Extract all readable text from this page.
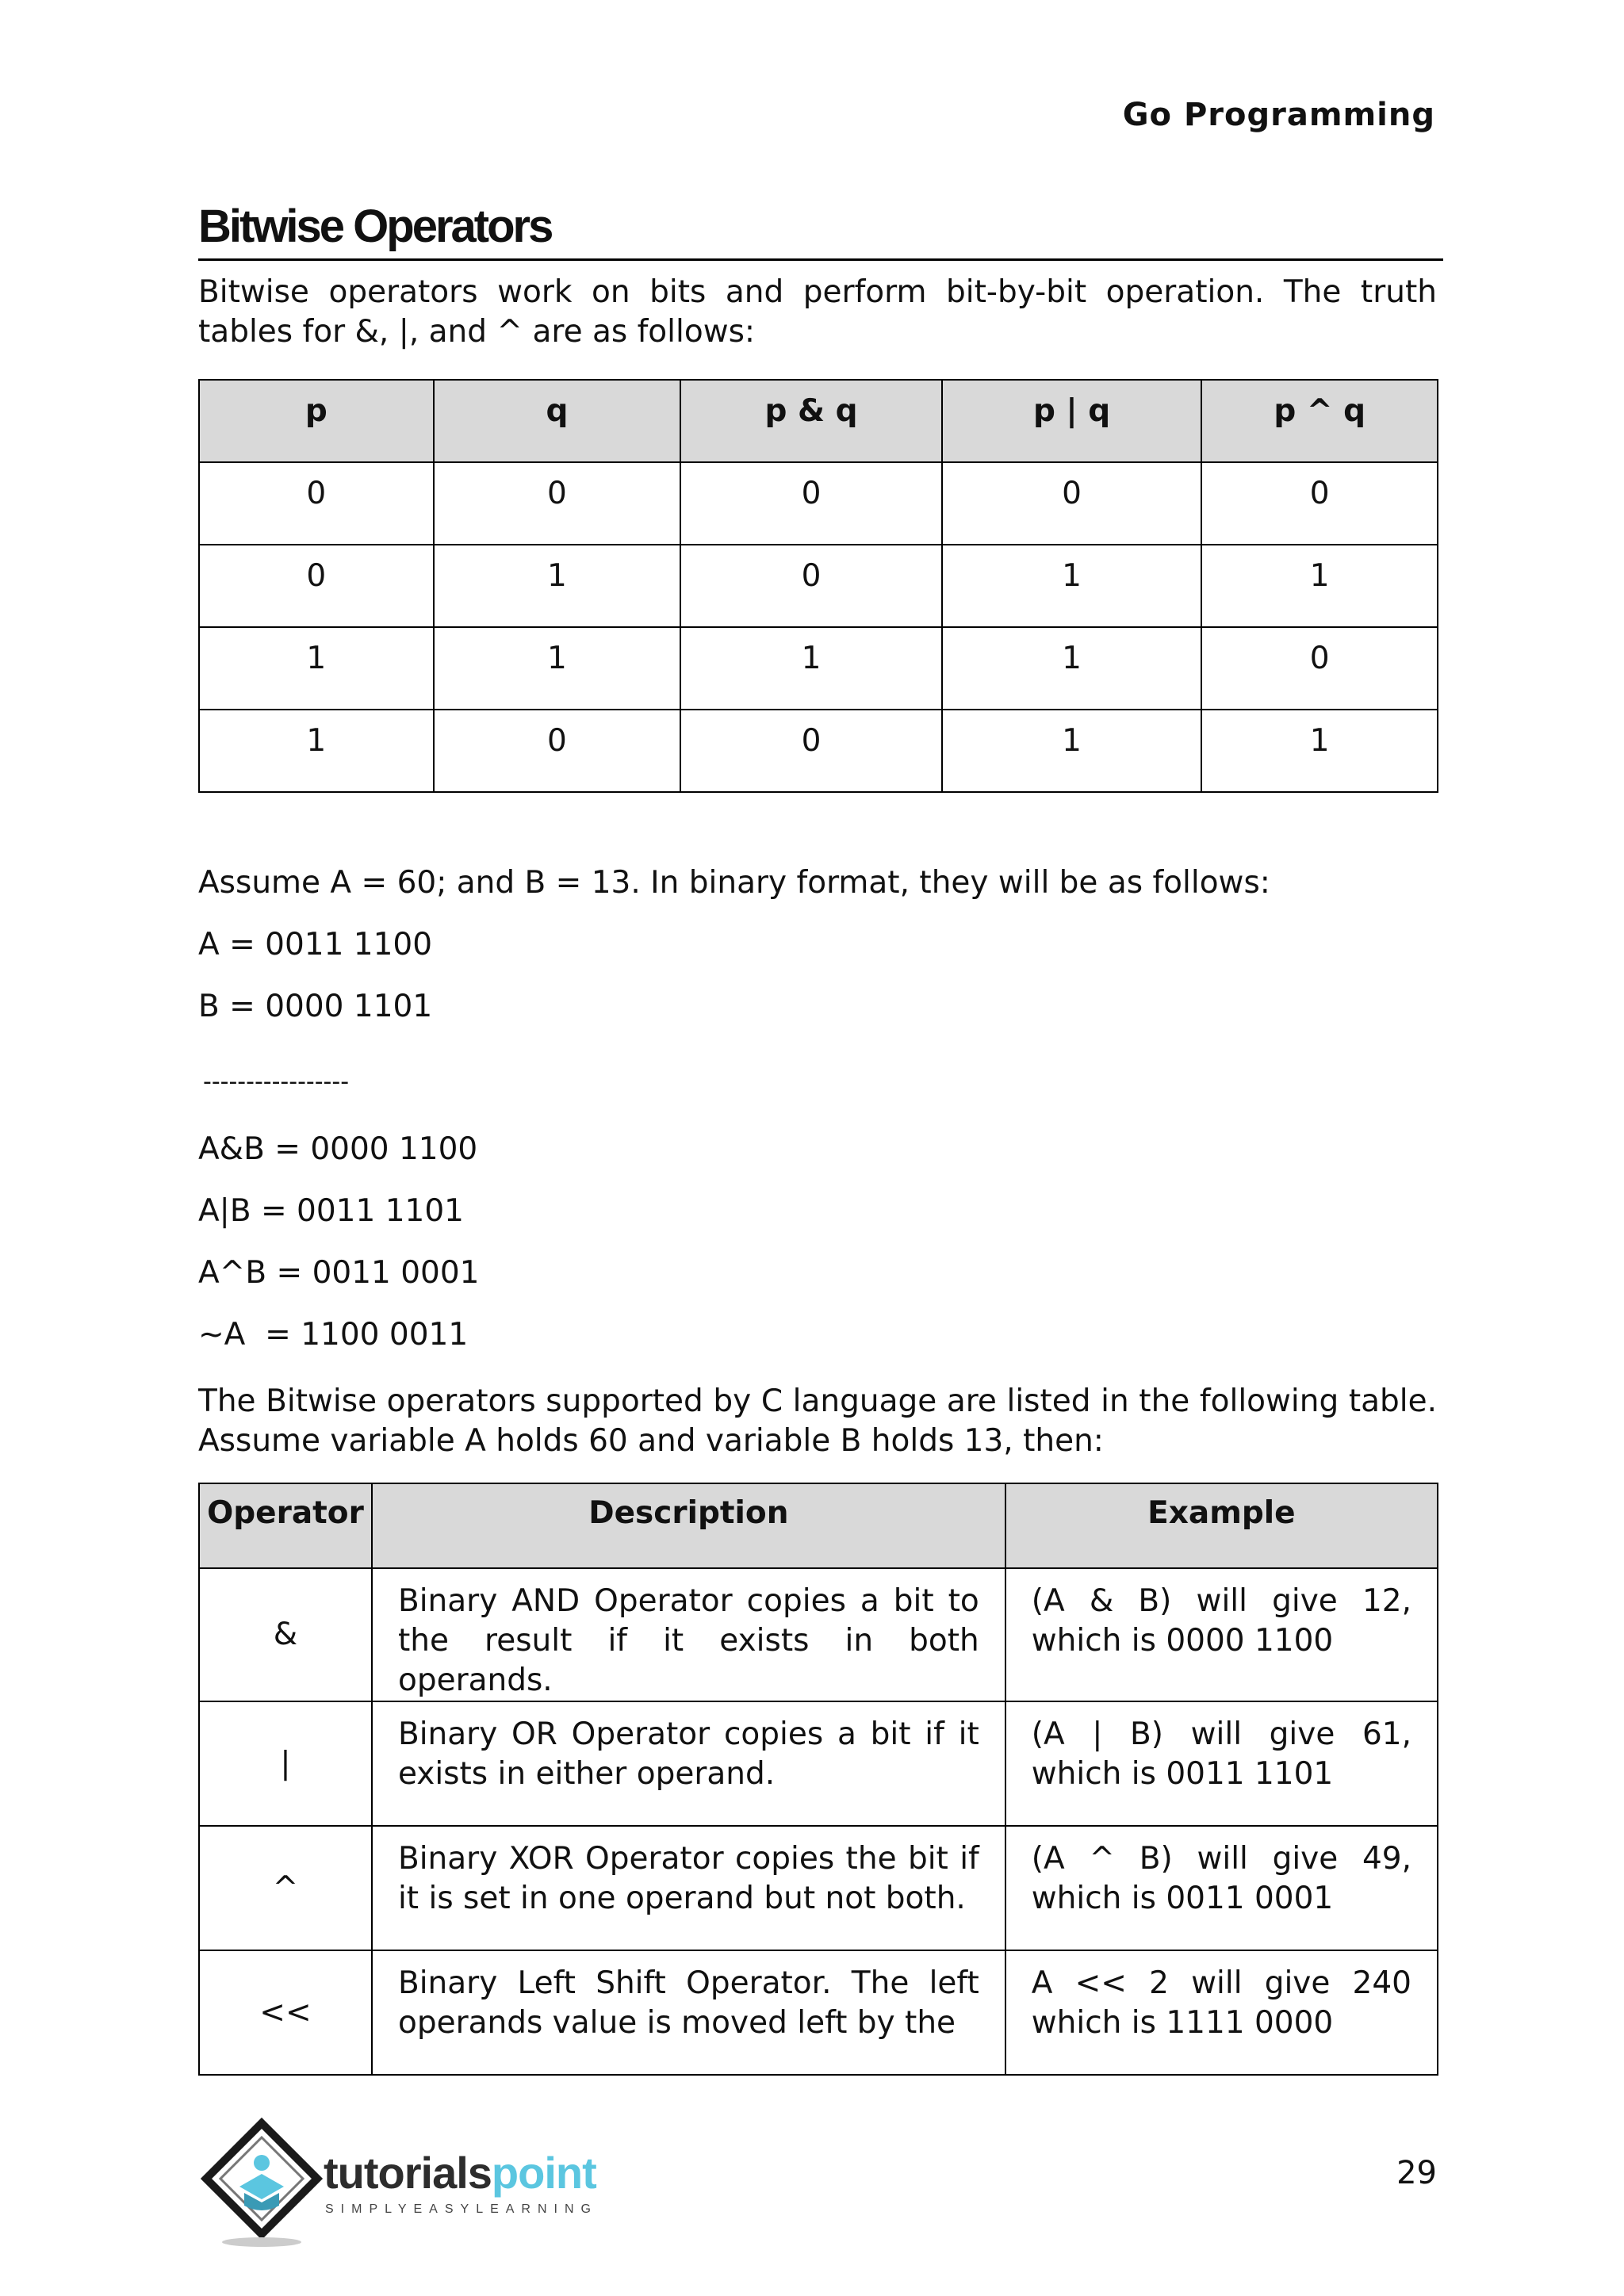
Go Programming
Bitwise Operators

Bitwise operators work on bits and perform bit-by-bit operation. The truth tables for &, |, and ^ are as follows:

p	q	p & q	p | q	p ^ q
0	0	0	0	0
0	1	0	1	1
1	1	1	1	0
1	0	0	1	1

Assume A = 60; and B = 13. In binary format, they will be as follows:

A = 0011 1100
B = 0000 1101
-----------------
A&B = 0000 1100
A|B = 0011 1101
A^B = 0011 0001
~A  = 1100 0011

The Bitwise operators supported by C language are listed in the following table. Assume variable A holds 60 and variable B holds 13, then:

Operator	Description	Example
&	Binary AND Operator copies a bit to the result if it exists in both operands.	(A & B) will give 12, which is 0000 1100
|	Binary OR Operator copies a bit if it exists in either operand.	(A | B) will give 61, which is 0011 1101
^	Binary XOR Operator copies the bit if it is set in one operand but not both.	(A ^ B) will give 49, which is 0011 0001
<<	Binary Left Shift Operator. The left operands value is moved left by the	A << 2 will give 240 which is 1111 0000
tutorialspoint
SIMPLYEASYLEARNING
29
